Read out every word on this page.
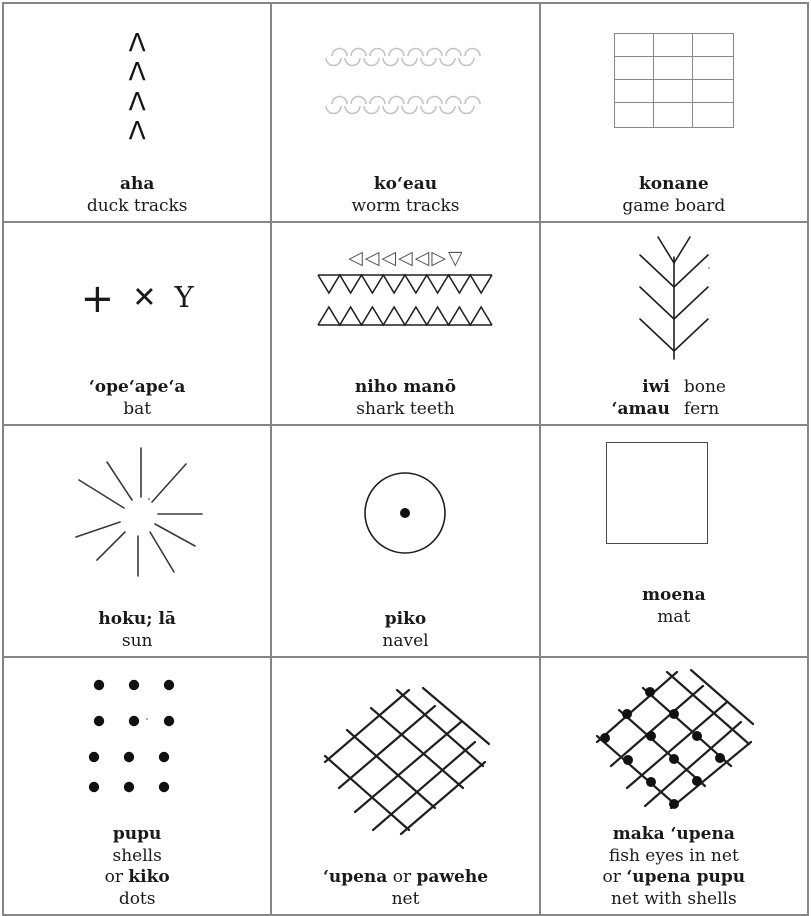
Λ
Λ
Λ
Λ
aha
duck tracks

koʻeau
worm tracks

konane
game board

+ ✕ Y
ʻopeʻapeʻa
bat

◁ ◁ ◁ ◁ ◁ ▷ ▽
niho manō
shark teeth

iwi bone
ʻamau fern

hoku; lā
sun	piko
navel	moena
mat

pupu
shells
or kiko
dots	ʻupena or pawehe
net	maka ʻupena
fish eyes in net
or ʻupena pupu
net with shells
